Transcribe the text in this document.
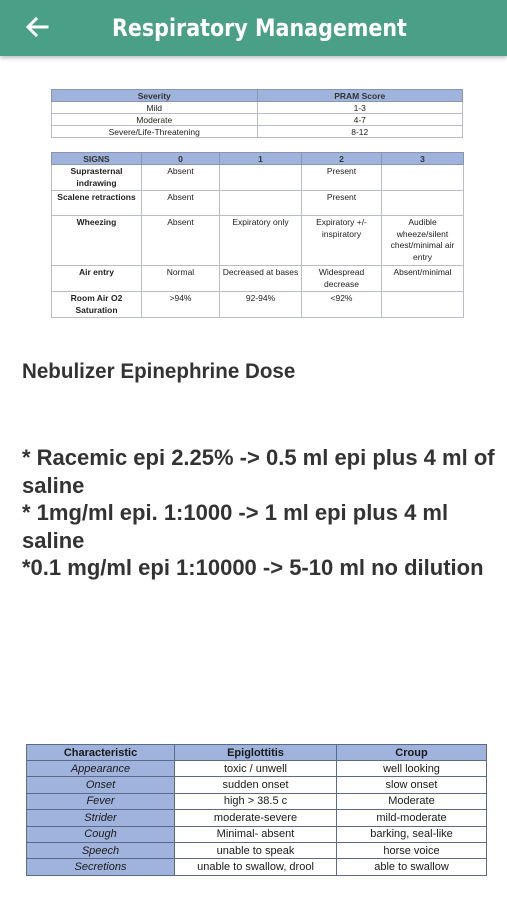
Respiratory Management
Severity	PRAM Score
Mild	1-3
Moderate	4-7
Severe/Life-Threatening	8-12
SIGNS	0	1	2	3
Suprasternal indrawing	Absent		Present	
Scalene retractions	Absent		Present	
Wheezing	Absent	Expiratory only	Expiratory +/- inspiratory	Audible wheeze/silent chest/minimal air entry
Air entry	Normal	Decreased at bases	Widespread decrease	Absent/minimal
Room Air O2 Saturation	>94%	92-94%	<92%	
Nebulizer Epinephrine Dose
* Racemic epi 2.25% -> 0.5 ml epi plus 4 ml of saline
* 1mg/ml epi. 1:1000 -> 1 ml epi plus 4 ml saline
*0.1 mg/ml epi 1:10000 -> 5-10 ml no dilution
Characteristic	Epiglottitis	Croup
Appearance	toxic / unwell	well looking
Onset	sudden onset	slow onset
Fever	high > 38.5 c	Moderate
Strider	moderate-severe	mild-moderate
Cough	Minimal- absent	barking, seal-like
Speech	unable to speak	horse voice
Secretions	unable to swallow, drool	able to swallow
